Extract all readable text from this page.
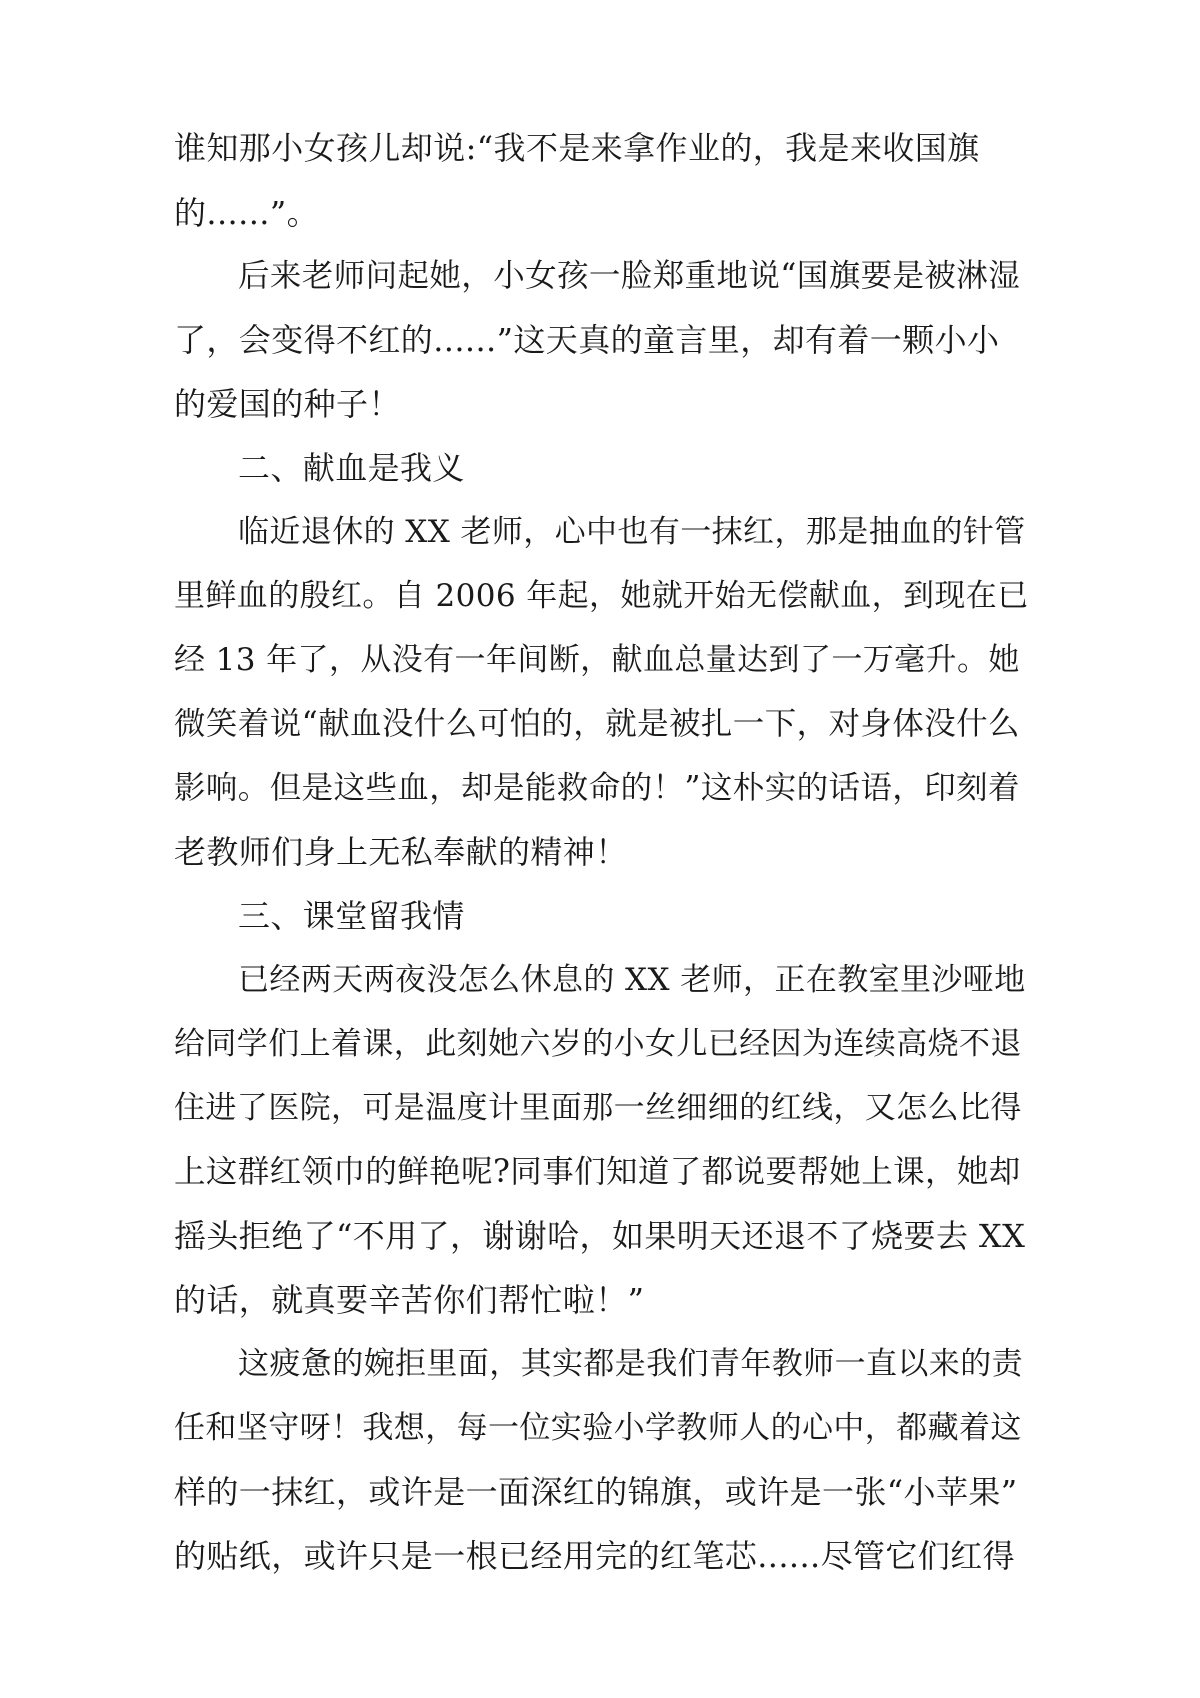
谁知那小女孩儿却说:“我不是来拿作业的，我是来收国旗
的......”。
后来老师问起她，小女孩一脸郑重地说“国旗要是被淋湿
了，会变得不红的......”这天真的童言里，却有着一颗小小
的爱国的种子！
二、献血是我义
临近退休的 XX 老师，心中也有一抹红，那是抽血的针管
里鲜血的殷红。自 2006 年起，她就开始无偿献血，到现在已
经 13 年了，从没有一年间断，献血总量达到了一万毫升。她
微笑着说“献血没什么可怕的，就是被扎一下，对身体没什么
影响。但是这些血，却是能救命的！”这朴实的话语，印刻着
老教师们身上无私奉献的精神！
三、课堂留我情
已经两天两夜没怎么休息的 XX 老师，正在教室里沙哑地
给同学们上着课，此刻她六岁的小女儿已经因为连续高烧不退
住进了医院，可是温度计里面那一丝细细的红线，又怎么比得
上这群红领巾的鲜艳呢?同事们知道了都说要帮她上课，她却
摇头拒绝了“不用了，谢谢哈，如果明天还退不了烧要去 XX
的话，就真要辛苦你们帮忙啦！”
这疲惫的婉拒里面，其实都是我们青年教师一直以来的责
任和坚守呀！我想，每一位实验小学教师人的心中，都藏着这
样的一抹红，或许是一面深红的锦旗，或许是一张“小苹果”
的贴纸，或许只是一根已经用完的红笔芯......尽管它们红得
